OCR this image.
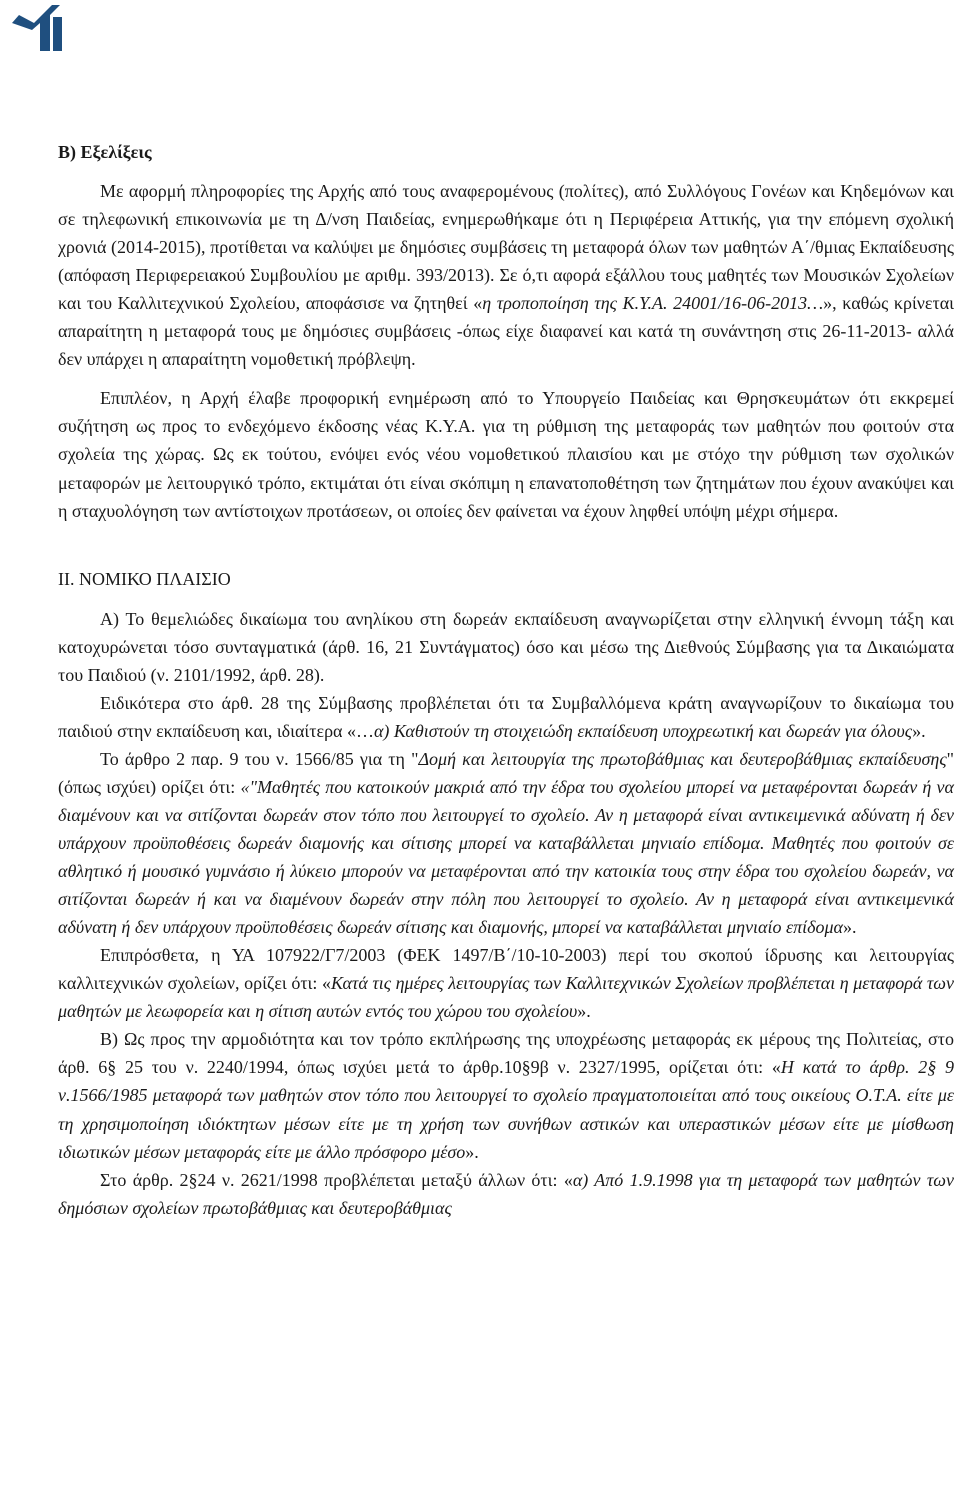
Β) Εξελίξεις

Με αφορμή πληροφορίες της Αρχής από τους αναφερομένους (πολίτες), από Συλλόγους Γονέων και Κηδεμόνων και σε τηλεφωνική επικοινωνία με τη Δ/νση Παιδείας, ενημερωθήκαμε ότι η Περιφέρεια Αττικής, για την επόμενη σχολική χρονιά (2014-2015), προτίθεται να καλύψει με δημόσιες συμβάσεις τη μεταφορά όλων των μαθητών Α΄/θμιας Εκπαίδευσης (απόφαση Περιφερειακού Συμβουλίου με αριθμ. 393/2013). Σε ό,τι αφορά εξάλλου τους μαθητές των Μουσικών Σχολείων και του Καλλιτεχνικού Σχολείου, αποφάσισε να ζητηθεί «η τροποποίηση της Κ.Υ.Α. 24001/16-06-2013…», καθώς κρίνεται απαραίτητη η μεταφορά τους με δημόσιες συμβάσεις -όπως είχε διαφανεί και κατά τη συνάντηση στις 26-11-2013- αλλά δεν υπάρχει η απαραίτητη νομοθετική πρόβλεψη.

Επιπλέον, η Αρχή έλαβε προφορική ενημέρωση από το Υπουργείο Παιδείας και Θρησκευμάτων ότι εκκρεμεί συζήτηση ως προς το ενδεχόμενο έκδοσης νέας Κ.Υ.Α. για τη ρύθμιση της μεταφοράς των μαθητών που φοιτούν στα σχολεία της χώρας. Ως εκ τούτου, ενόψει ενός νέου νομοθετικού πλαισίου και με στόχο την ρύθμιση των σχολικών μεταφορών με λειτουργικό τρόπο, εκτιμάται ότι είναι σκόπιμη η επανατοποθέτηση των ζητημάτων που έχουν ανακύψει και η σταχυολόγηση των αντίστοιχων προτάσεων, οι οποίες δεν φαίνεται να έχουν ληφθεί υπόψη μέχρι σήμερα.

ΙΙ. ΝΟΜΙΚΟ ΠΛΑΙΣΙΟ

Α) Το θεμελιώδες δικαίωμα του ανηλίκου στη δωρεάν εκπαίδευση αναγνωρίζεται στην ελληνική έννομη τάξη και κατοχυρώνεται τόσο συνταγματικά (άρθ. 16, 21 Συντάγματος) όσο και μέσω της Διεθνούς Σύμβασης για τα Δικαιώματα του Παιδιού (ν. 2101/1992, άρθ. 28).

Ειδικότερα στο άρθ. 28 της Σύμβασης προβλέπεται ότι τα Συμβαλλόμενα κράτη αναγνωρίζουν το δικαίωμα του παιδιού στην εκπαίδευση και, ιδιαίτερα «…α) Καθιστούν τη στοιχειώδη εκπαίδευση υποχρεωτική και δωρεάν για όλους».

Το άρθρο 2 παρ. 9 του ν. 1566/85 για τη "Δομή και λειτουργία της πρωτοβάθμιας και δευτεροβάθμιας εκπαίδευσης" (όπως ισχύει) ορίζει ότι: «"Μαθητές που κατοικούν μακριά από την έδρα του σχολείου μπορεί να μεταφέρονται δωρεάν ή να διαμένουν και να σιτίζονται δωρεάν στον τόπο που λειτουργεί το σχολείο. Αν η μεταφορά είναι αντικειμενικά αδύνατη ή δεν υπάρχουν προϋποθέσεις δωρεάν διαμονής και σίτισης μπορεί να καταβάλλεται μηνιαίο επίδομα. Μαθητές που φοιτούν σε αθλητικό ή μουσικό γυμνάσιο ή λύκειο μπορούν να μεταφέρονται από την κατοικία τους στην έδρα του σχολείου δωρεάν, να σιτίζονται δωρεάν ή και να διαμένουν δωρεάν στην πόλη που λειτουργεί το σχολείο. Αν η μεταφορά είναι αντικειμενικά αδύνατη ή δεν υπάρχουν προϋποθέσεις δωρεάν σίτισης και διαμονής, μπορεί να καταβάλλεται μηνιαίο επίδομα».

Επιπρόσθετα, η ΥΑ 107922/Γ7/2003 (ΦΕΚ 1497/Β΄/10-10-2003) περί του σκοπού ίδρυσης και λειτουργίας καλλιτεχνικών σχολείων, ορίζει ότι: «Κατά τις ημέρες λειτουργίας των Καλλιτεχνικών Σχολείων προβλέπεται η μεταφορά των μαθητών με λεωφορεία και η σίτιση αυτών εντός του χώρου του σχολείου».

Β) Ως προς την αρμοδιότητα και τον τρόπο εκπλήρωσης της υποχρέωσης μεταφοράς εκ μέρους της Πολιτείας, στο άρθ. 6§ 25 του ν. 2240/1994, όπως ισχύει μετά το άρθρ.10§9β ν. 2327/1995, ορίζεται ότι: «Η κατά το άρθρ. 2§ 9 ν.1566/1985 μεταφορά των μαθητών στον τόπο που λειτουργεί το σχολείο πραγματοποιείται από τους οικείους Ο.Τ.Α. είτε με τη χρησιμοποίηση ιδιόκτητων μέσων είτε με τη χρήση των συνήθων αστικών και υπεραστικών μέσων είτε με μίσθωση ιδιωτικών μέσων μεταφοράς είτε με άλλο πρόσφορο μέσο».

Στο άρθρ. 2§24 ν. 2621/1998 προβλέπεται μεταξύ άλλων ότι: «α) Από 1.9.1998 για τη μεταφορά των μαθητών των δημόσιων σχολείων πρωτοβάθμιας και δευτεροβάθμιας
